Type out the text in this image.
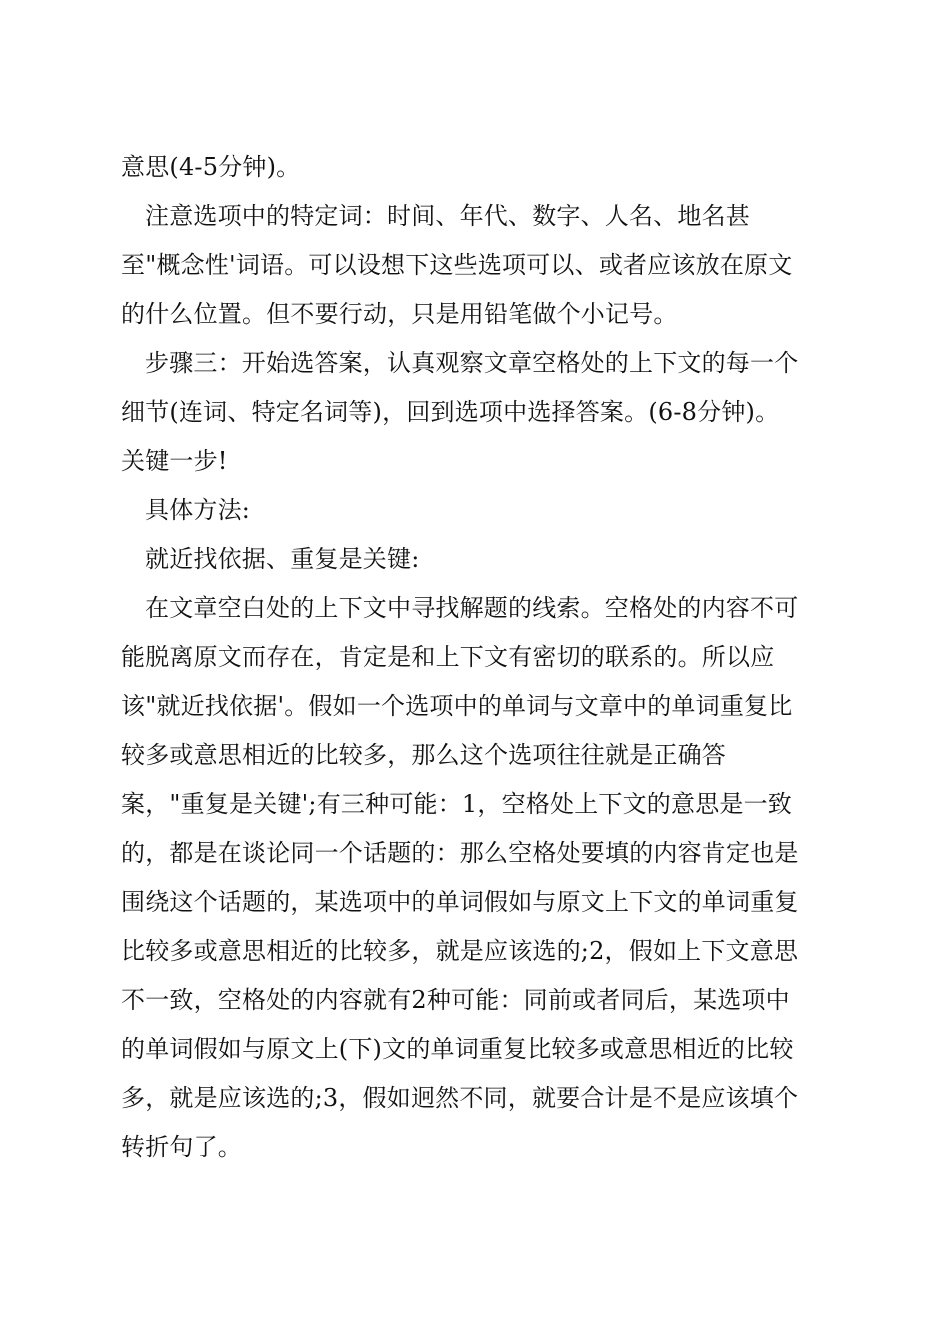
意思(4-5分钟)。
注意选项中的特定词：时间、年代、数字、人名、地名甚
至"概念性'词语。可以设想下这些选项可以、或者应该放在原文
的什么位置。但不要行动，只是用铅笔做个小记号。
步骤三：开始选答案，认真观察文章空格处的上下文的每一个
细节(连词、特定名词等)，回到选项中选择答案。(6-8分钟)。
关键一步!
具体方法:
就近找依据、重复是关键:
在文章空白处的上下文中寻找解题的线索。空格处的内容不可
能脱离原文而存在，肯定是和上下文有密切的联系的。所以应
该"就近找依据'。假如一个选项中的单词与文章中的单词重复比
较多或意思相近的比较多，那么这个选项往往就是正确答
案，"重复是关键';有三种可能：1，空格处上下文的意思是一致
的，都是在谈论同一个话题的：那么空格处要填的内容肯定也是
围绕这个话题的，某选项中的单词假如与原文上下文的单词重复
比较多或意思相近的比较多，就是应该选的;2，假如上下文意思
不一致，空格处的内容就有2种可能：同前或者同后，某选项中
的单词假如与原文上(下)文的单词重复比较多或意思相近的比较
多，就是应该选的;3，假如迥然不同，就要合计是不是应该填个
转折句了。
